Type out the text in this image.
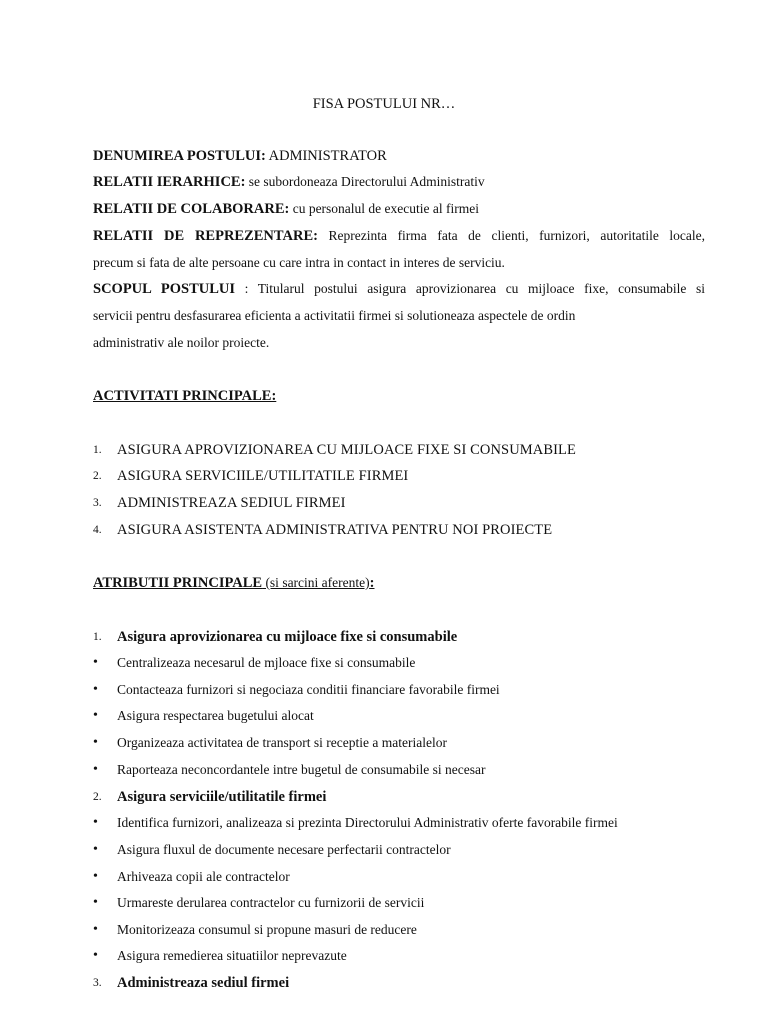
FISA POSTULUI NR…
DENUMIREA POSTULUI: ADMINISTRATOR
RELATII IERARHICE: se subordoneaza Directorului Administrativ
RELATII DE COLABORARE: cu personalul de executie al firmei
RELATII DE REPREZENTARE: Reprezinta firma fata de clienti, furnizori, autoritatile locale,
precum si fata de alte persoane cu care intra in contact in interes de serviciu.
SCOPUL POSTULUI : Titularul postului asigura aprovizionarea cu mijloace fixe, consumabile si
servicii pentru desfasurarea eficienta a activitatii firmei si solutioneaza aspectele de ordin
administrativ ale noilor proiecte.
ACTIVITATI PRINCIPALE:
1.	ASIGURA APROVIZIONAREA CU MIJLOACE FIXE SI CONSUMABILE
2.	ASIGURA SERVICIILE/UTILITATILE FIRMEI
3.	ADMINISTREAZA SEDIUL FIRMEI
4.	ASIGURA ASISTENTA ADMINISTRATIVA PENTRU NOI PROIECTE
ATRIBUTII PRINCIPALE (si sarcini aferente):
1.	Asigura aprovizionarea cu mijloace fixe si consumabile
•	Centralizeaza necesarul de mjloace fixe si consumabile
•	Contacteaza furnizori si negociaza conditii financiare favorabile firmei
•	Asigura respectarea bugetului alocat
•	Organizeaza activitatea de transport si receptie a materialelor
•	Raporteaza neconcordantele intre bugetul de consumabile si necesar
2.	Asigura serviciile/utilitatile firmei
•	Identifica furnizori, analizeaza si prezinta Directorului Administrativ oferte favorabile firmei
•	Asigura fluxul de documente necesare perfectarii contractelor
•	Arhiveaza copii ale contractelor
•	Urmareste derularea contractelor cu furnizorii de servicii
•	Monitorizeaza consumul si propune masuri de reducere
•	Asigura remedierea situatiilor neprevazute
3.	Administreaza sediul firmei
